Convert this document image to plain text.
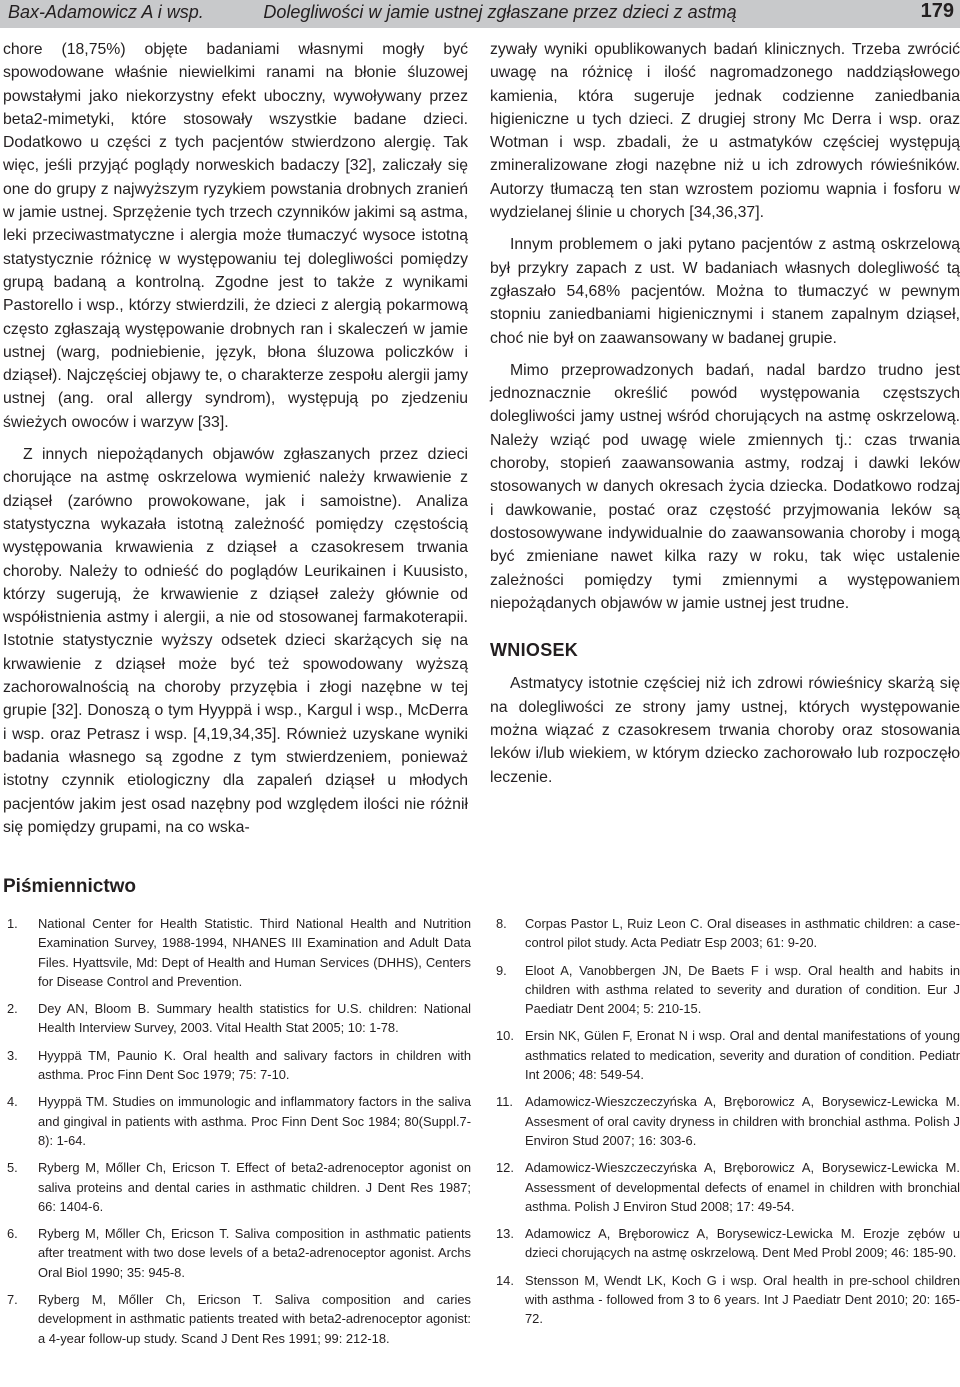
Bax-Adamowicz A i wsp.	Dolegliwości w jamie ustnej zgłaszane przez dzieci z astmą	179

chore (18,75%) objęte badaniami własnymi mogły być spowodowane właśnie niewielkimi ranami na błonie śluzowej powstałymi jako niekorzystny efekt uboczny, wywoływany przez beta2-mimetyki, które stosowały wszystkie badane dzieci. Dodatkowo u części z tych pacjentów stwierdzono alergię. Tak więc, jeśli przyjąć poglądy norweskich badaczy [32], zaliczały się one do grupy z najwyższym ryzykiem powstania drobnych zranień w jamie ustnej. Sprzężenie tych trzech czynników jakimi są astma, leki przeciwastmatyczne i alergia może tłumaczyć wysoce istotną statystycznie różnicę w występowaniu tej dolegliwości pomiędzy grupą badaną a kontrolną. Zgodne jest to także z wynikami Pastorello i wsp., którzy stwierdzili, że dzieci z alergią pokarmową często zgłaszają występowanie drobnych ran i skaleczeń w jamie ustnej (warg, podniebienie, język, błona śluzowa policzków i dziąseł). Najczęściej objawy te, o charakterze zespołu alergii jamy ustnej (ang. oral allergy syndrom), występują po zjedzeniu świeżych owoców i warzyw [33].

Z innych niepożądanych objawów zgłaszanych przez dzieci chorujące na astmę oskrzelowa wymienić należy krwawienie z dziąseł (zarówno prowokowane, jak i samoistne). Analiza statystyczna wykazała istotną zależność pomiędzy częstością występowania krwawienia z dziąseł a czasokresem trwania choroby. Należy to odnieść do poglądów Leurikainen i Kuusisto, którzy sugerują, że krwawienie z dziąseł zależy głównie od współistnienia astmy i alergii, a nie od stosowanej farmakoterapii. Istotnie statystycznie wyższy odsetek dzieci skarżących się na krwawienie z dziąseł może być też spowodowany wyższą zachorowalnością na choroby przyzębia i złogi nazębne w tej grupie [32]. Donoszą o tym Hyyppä i wsp., Kargul i wsp., McDerra i wsp. oraz Petrasz i wsp. [4,19,34,35]. Również uzyskane wyniki badania własnego są zgodne z tym stwierdzeniem, ponieważ istotny czynnik etiologiczny dla zapaleń dziąseł u młodych pacjentów jakim jest osad nazębny pod względem ilości nie różnił się pomiędzy grupami, na co wska-

zywały wyniki opublikowanych badań klinicznych. Trzeba zwrócić uwagę na różnicę i ilość nagromadzonego naddziąsłowego kamienia, która sugeruje jednak codzienne zaniedbania higieniczne u tych dzieci. Z drugiej strony Mc Derra i wsp. oraz Wotman i wsp. zbadali, że u astmatyków częściej występują zmineralizowane złogi nazębne niż u ich zdrowych rówieśników. Autorzy tłumaczą ten stan wzrostem poziomu wapnia i fosforu w wydzielanej ślinie u chorych [34,36,37].

Innym problemem o jaki pytano pacjentów z astmą oskrzelową był przykry zapach z ust. W badaniach własnych dolegliwość tą zgłaszało 54,68% pacjentów. Można to tłumaczyć w pewnym stopniu zaniedbaniami higienicznymi i stanem zapalnym dziąseł, choć nie był on zaawansowany w badanej grupie.

Mimo przeprowadzonych badań, nadal bardzo trudno jest jednoznacznie określić powód występowania częstszych dolegliwości jamy ustnej wśród chorujących na astmę oskrzelową. Należy wziąć pod uwagę wiele zmiennych tj.: czas trwania choroby, stopień zaawansowania astmy, rodzaj i dawki leków stosowanych w danych okresach życia dziecka. Dodatkowo rodzaj i dawkowanie, postać oraz częstość przyjmowania leków są dostosowywane indywidualnie do zaawansowania choroby i mogą być zmieniane nawet kilka razy w roku, tak więc ustalenie zależności pomiędzy tymi zmiennymi a występowaniem niepożądanych objawów w jamie ustnej jest trudne.

WNIOSEK

Astmatycy istotnie częściej niż ich zdrowi rówieśnicy skarżą się na dolegliwości ze strony jamy ustnej, których występowanie można wiązać z czasokresem trwania choroby oraz stosowania leków i/lub wiekiem, w którym dziecko zachorowało lub rozpoczęło leczenie.

Piśmiennictwo
1. National Center for Health Statistic. Third National Health and Nutrition Examination Survey, 1988-1994, NHANES III Examination and Adult Data Files. Hyattsvile, Md: Dept of Health and Human Services (DHHS), Centers for Disease Control and Prevention.
2. Dey AN, Bloom B. Summary health statistics for U.S. children: National Health Interview Survey, 2003. Vital Health Stat 2005; 10: 1-78.
3. Hyyppä TM, Paunio K. Oral health and salivary factors in children with asthma. Proc Finn Dent Soc 1979; 75: 7-10.
4. Hyyppä TM. Studies on immunologic and inflammatory factors in the saliva and gingival in patients with asthma. Proc Finn Dent Soc 1984; 80(Suppl.7-8): 1-64.
5. Ryberg M, Mőller Ch, Ericson T. Effect of beta2-adrenoceptor agonist on saliva proteins and dental caries in asthmatic children. J Dent Res 1987; 66: 1404-6.
6. Ryberg M, Mőller Ch, Ericson T. Saliva composition in asthmatic patients after treatment with two dose levels of a beta2-adrenoceptor agonist. Archs Oral Biol 1990; 35: 945-8.
7. Ryberg M, Mőller Ch, Ericson T. Saliva composition and caries development in asthmatic patients treated with beta2-adrenoceptor agonist: a 4-year follow-up study. Scand J Dent Res 1991; 99: 212-18.
8. Corpas Pastor L, Ruiz Leon C. Oral diseases in asthmatic children: a case-control pilot study. Acta Pediatr Esp 2003; 61: 9-20.
9. Eloot A, Vanobbergen JN, De Baets F i wsp. Oral health and habits in children with asthma related to severity and duration of condition. Eur J Paediatr Dent 2004; 5: 210-15.
10. Ersin NK, Gülen F, Eronat N i wsp. Oral and dental manifestations of young asthmatics related to medication, severity and duration of condition. Pediatr Int 2006; 48: 549-54.
11. Adamowicz-Wieszczeczyńska A, Bręborowicz A, Borysewicz-Lewicka M. Assesment of oral cavity dryness in children with bronchial asthma. Polish J Environ Stud 2007; 16: 303-6.
12. Adamowicz-Wieszczeczyńska A, Bręborowicz A, Borysewicz-Lewicka M. Assessment of developmental defects of enamel in children with bronchial asthma. Polish J Environ Stud 2008; 17: 49-54.
13. Adamowicz A, Bręborowicz A, Borysewicz-Lewicka M. Erozje zębów u dzieci chorujących na astmę oskrzelową. Dent Med Probl 2009; 46: 185-90.
14. Stensson M, Wendt LK, Koch G i wsp. Oral health in pre-school children with asthma - followed from 3 to 6 years. Int J Paediatr Dent 2010; 20: 165-72.
